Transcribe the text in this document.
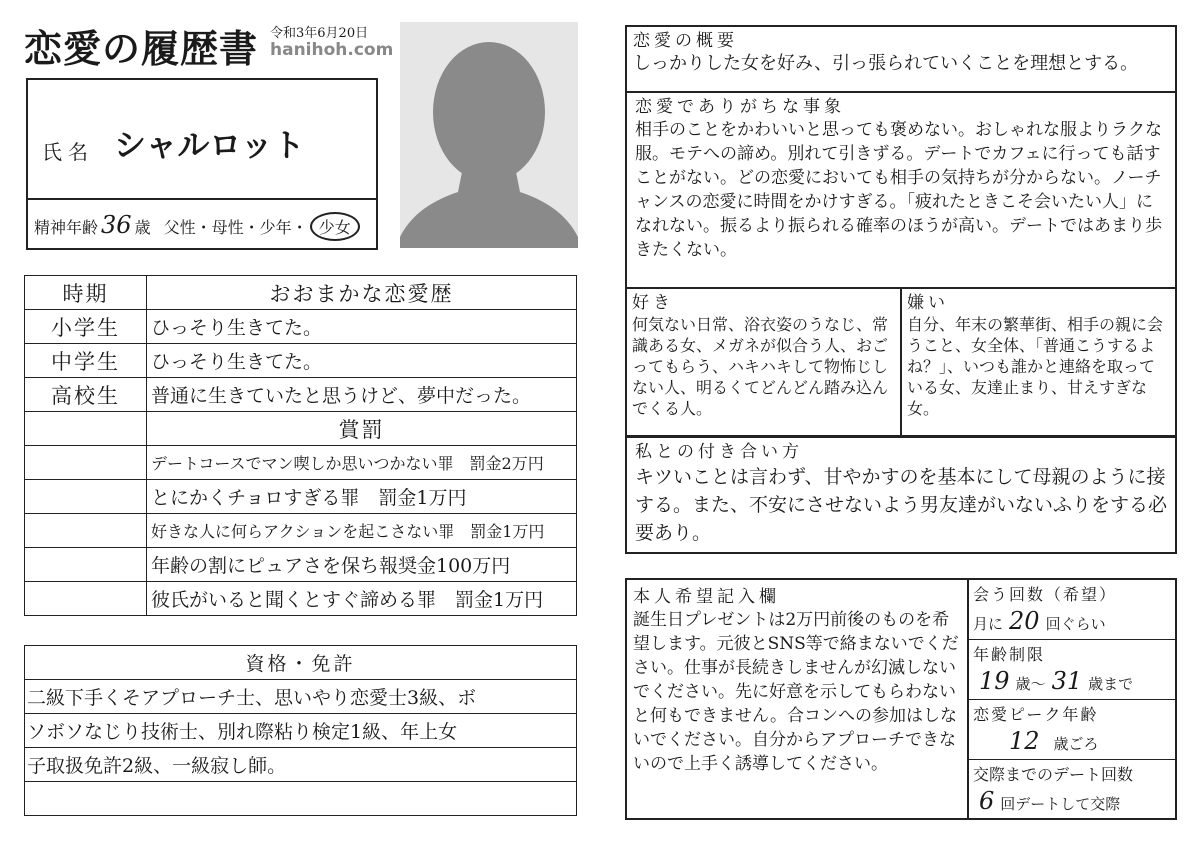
恋愛の履歴書 令和3年6月20日
hanihoh.com
氏名 シャルロット
精神年齢 36 歳 父性・母性・少年・ 少女
時期	おおまかな恋愛歴
小学生	ひっそり生きてた。
中学生	ひっそり生きてた。
高校生	普通に生きていたと思うけど、夢中だった。
	賞罰
	デートコースでマン喫しか思いつかない罪　罰金2万円
	とにかくチョロすぎる罪　罰金1万円
	好きな人に何らアクションを起こさない罪　罰金1万円
	年齢の割にピュアさを保ち報奨金100万円
	彼氏がいると聞くとすぐ諦める罪　罰金1万円
資格・免許
二級下手くそアプローチ士、思いやり恋愛士3級、ボ
ソボソなじり技術士、別れ際粘り検定1級、年上女
子取扱免許2級、一級寂し師。

恋愛の概要
しっかりした女を好み、引っ張られていくことを理想とする。
恋愛でありがちな事象
相手のことをかわいいと思っても褒めない。おしゃれな服よりラクな服。モテへの諦め。別れて引きずる。デートでカフェに行っても話すことがない。どの恋愛においても相手の気持ちが分からない。ノーチャンスの恋愛に時間をかけすぎる。「疲れたときこそ会いたい人」になれない。振るより振られる確率のほうが高い。デートではあまり歩きたくない。
好き
何気ない日常、浴衣姿のうなじ、常識ある女、メガネが似合う人、おごってもらう、ハキハキして物怖じしない人、明るくてどんどん踏み込んでくる人。
嫌い
自分、年末の繁華街、相手の親に会うこと、女全体、「普通こうするよね？」、いつも誰かと連絡を取っている女、友達止まり、甘えすぎな女。
私との付き合い方
キツいことは言わず、甘やかすのを基本にして母親のように接する。また、不安にさせないよう男友達がいないふりをする必要あり。
本人希望記入欄
誕生日プレゼントは2万円前後のものを希望します。元彼とSNS等で絡まないでください。仕事が長続きしませんが幻滅しないでください。先に好意を示してもらわないと何もできません。合コンへの参加はしないでください。自分からアプローチできないので上手く誘導してください。
会う回数（希望）
月に 20 回ぐらい
年齢制限
19 歳～ 31 歳まで
恋愛ピーク年齢
12 歳ごろ
交際までのデート回数
6 回デートして交際
